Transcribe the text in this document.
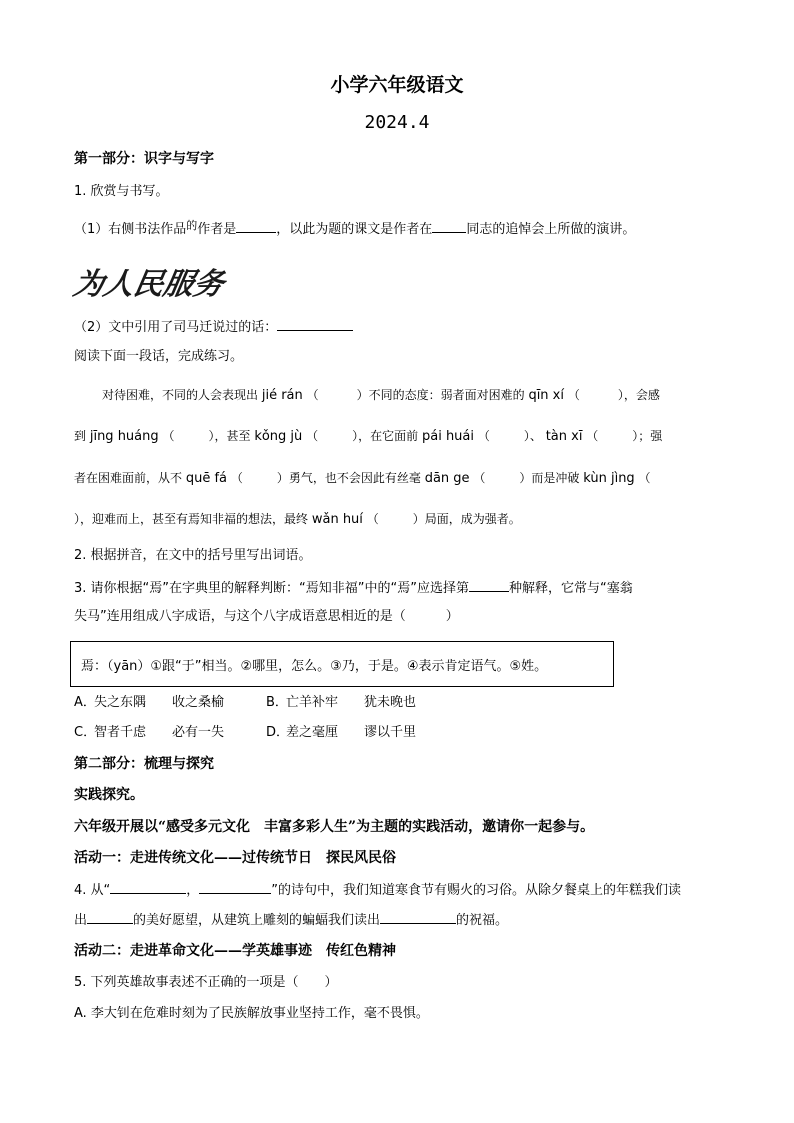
小学六年级语文
2024.4
第一部分：识字与写字
1. 欣赏与书写。
（1）右侧书法作品$^的$作者是	，以此为题的课文是作者在	同志的追悼会上所做的演讲。
为人民服务
（2）文中引用了司马迁说过的话：
阅读下面一段话，完成练习。
对待困难，不同的人会表现出 jié rán （	）不同的态度：弱者面对困难的 qīn xí （	），会感
到 jīng huáng （	），甚至 kǒng jù （	），在它面前 pái huái （	）、 tàn xī （	）；强
者在困难面前，从不 quē fá （	）勇气，也不会因此有丝毫 dān ge （	）而是冲破 kùn jìng （
），迎难而上，甚至有焉知非福的想法，最终 wǎn huí （	）局面，成为强者。
2. 根据拼音，在文中的括号里写出词语。
3. 请你根据“焉”在字典里的解释判断：“焉知非福”中的“焉”应选择第	种解释，它常与“塞翁
失马”连用组成八字成语，与这个八字成语意思相近的是（	）
焉：（yān）①跟“于”相当。②哪里，怎么。③乃，于是。④表示肯定语气。⑤姓。
A．失之东隅　　收之桑榆	B．亡羊补牢　　犹未晚也
C．智者千虑　　必有一失	D．差之毫厘　　谬以千里
第二部分：梳理与探究
实践探究。
六年级开展以“感受多元文化　丰富多彩人生”为主题的实践活动，邀请你一起参与。
活动一：走进传统文化——过传统节日　探民风民俗
4. 从“	，	”的诗句中，我们知道寒食节有赐火的习俗。从除夕餐桌上的年糕我们读
出	的美好愿望，从建筑上雕刻的蝙蝠我们读出	的祝福。
活动二：走进革命文化——学英雄事迹　传红色精神
5. 下列英雄故事表述不正确的一项是（　　）
A. 李大钊在危难时刻为了民族解放事业坚持工作，毫不畏惧。
